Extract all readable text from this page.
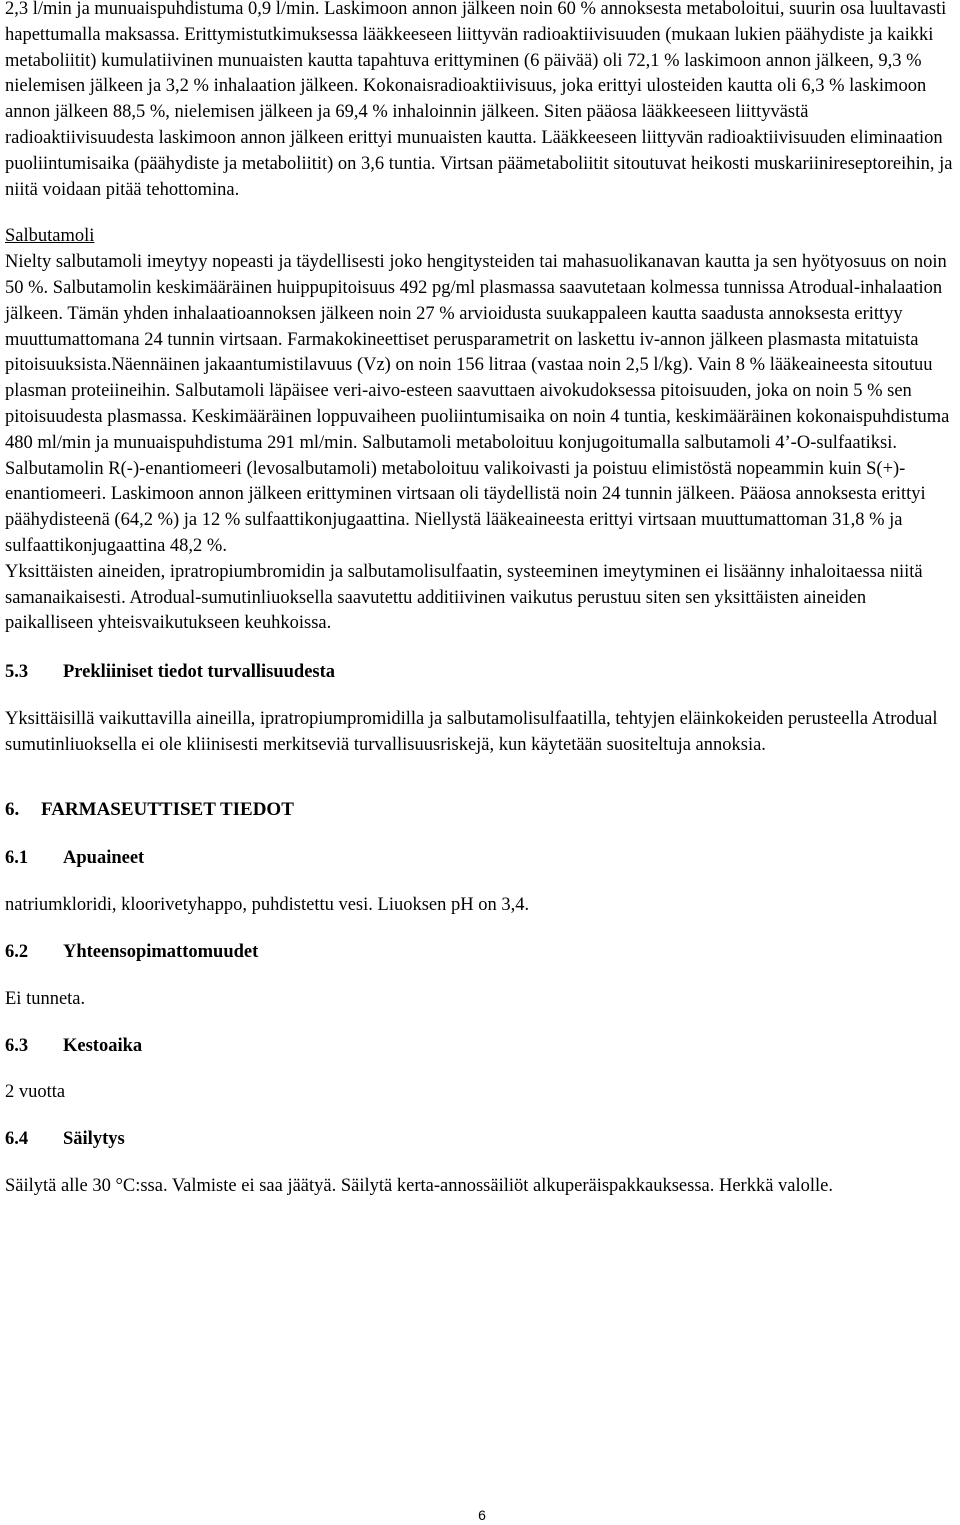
2,3 l/min ja munuaispuhdistuma 0,9 l/min. Laskimoon annon jälkeen noin 60 % annoksesta metaboloitui, suurin osa luultavasti hapettumalla maksassa. Erittymistutkimuksessa lääkkeeseen liittyvän radioaktiivisuuden (mukaan lukien päähydiste ja kaikki metaboliitit) kumulatiivinen munuaisten kautta tapahtuva erittyminen (6 päivää) oli 72,1 % laskimoon annon jälkeen, 9,3 % nielemisen jälkeen ja 3,2 % inhalaation jälkeen. Kokonaisradioaktiivisuus, joka erittyi ulosteiden kautta oli 6,3 % laskimoon annon jälkeen 88,5 %, nielemisen jälkeen ja 69,4 % inhaloinnin jälkeen. Siten pääosa lääkkeeseen liittyvästä radioaktiivisuudesta laskimoon annon jälkeen erittyi munuaisten kautta. Lääkkeeseen liittyvän radioaktiivisuuden eliminaation puoliintumisaika (päähydiste ja metaboliitit) on 3,6 tuntia. Virtsan päämetaboliitit sitoutuvat heikosti muskariinireseptoreihin, ja niitä voidaan pitää tehottomina.

Salbutamoli

Nielty salbutamoli imeytyy nopeasti ja täydellisesti joko hengitysteiden tai mahasuolikanavan kautta ja sen hyötyosuus on noin 50 %. Salbutamolin keskimääräinen huippupitoisuus 492 pg/ml plasmassa saavutetaan kolmessa tunnissa Atrodual-inhalaation jälkeen. Tämän yhden inhalaatioannoksen jälkeen noin 27 % arvioidusta suukappaleen kautta saadusta annoksesta erittyy muuttumattomana 24 tunnin virtsaan. Farmakokineettiset perusparametrit on laskettu iv-annon jälkeen plasmasta mitatuista pitoisuuksista.Näennäinen jakaantumistilavuus (Vz) on noin 156 litraa (vastaa noin 2,5 l/kg). Vain 8 % lääkeaineesta sitoutuu plasman proteiineihin. Salbutamoli läpäisee veri-aivo-esteen saavuttaen aivokudoksessa pitoisuuden, joka on noin 5 % sen pitoisuudesta plasmassa. Keskimääräinen loppuvaiheen puoliintumisaika on noin 4 tuntia, keskimääräinen kokonaispuhdistuma 480 ml/min ja munuaispuhdistuma 291 ml/min. Salbutamoli metaboloituu konjugoitumalla salbutamoli 4’-O-sulfaatiksi. Salbutamolin R(-)-enantiomeeri (levosalbutamoli) metaboloituu valikoivasti ja poistuu elimistöstä nopeammin kuin S(+)-enantiomeeri. Laskimoon annon jälkeen erittyminen virtsaan oli täydellistä noin 24 tunnin jälkeen. Pääosa annoksesta erittyi päähydisteenä (64,2 %) ja 12 % sulfaattikonjugaattina. Niellystä lääkeaineesta erittyi virtsaan muuttumattoman 31,8 % ja sulfaattikonjugaattina 48,2 %.

Yksittäisten aineiden, ipratropiumbromidin ja salbutamolisulfaatin, systeeminen imeytyminen ei lisäänny inhaloitaessa niitä samanaikaisesti. Atrodual-sumutinliuoksella saavutettu additiivinen vaikutus perustuu siten sen yksittäisten aineiden paikalliseen yhteisvaikutukseen keuhkoissa.

5.3 Prekliiniset tiedot turvallisuudesta

Yksittäisillä vaikuttavilla aineilla, ipratropiumpromidilla ja salbutamolisulfaatilla, tehtyjen eläinkokeiden perusteella Atrodual sumutinliuoksella ei ole kliinisesti merkitseviä turvallisuusriskejä, kun käytetään suositeltuja annoksia.

6. FARMASEUTTISET TIEDOT

6.1 Apuaineet

natriumkloridi, kloorivetyhappo, puhdistettu vesi. Liuoksen pH on 3,4.

6.2 Yhteensopimattomuudet

Ei tunneta.

6.3 Kestoaika

2 vuotta

6.4 Säilytys

Säilytä alle 30 °C:ssa. Valmiste ei saa jäätyä. Säilytä kerta-annossäiliöt alkuperäispakkauksessa. Herkkä valolle.

6
